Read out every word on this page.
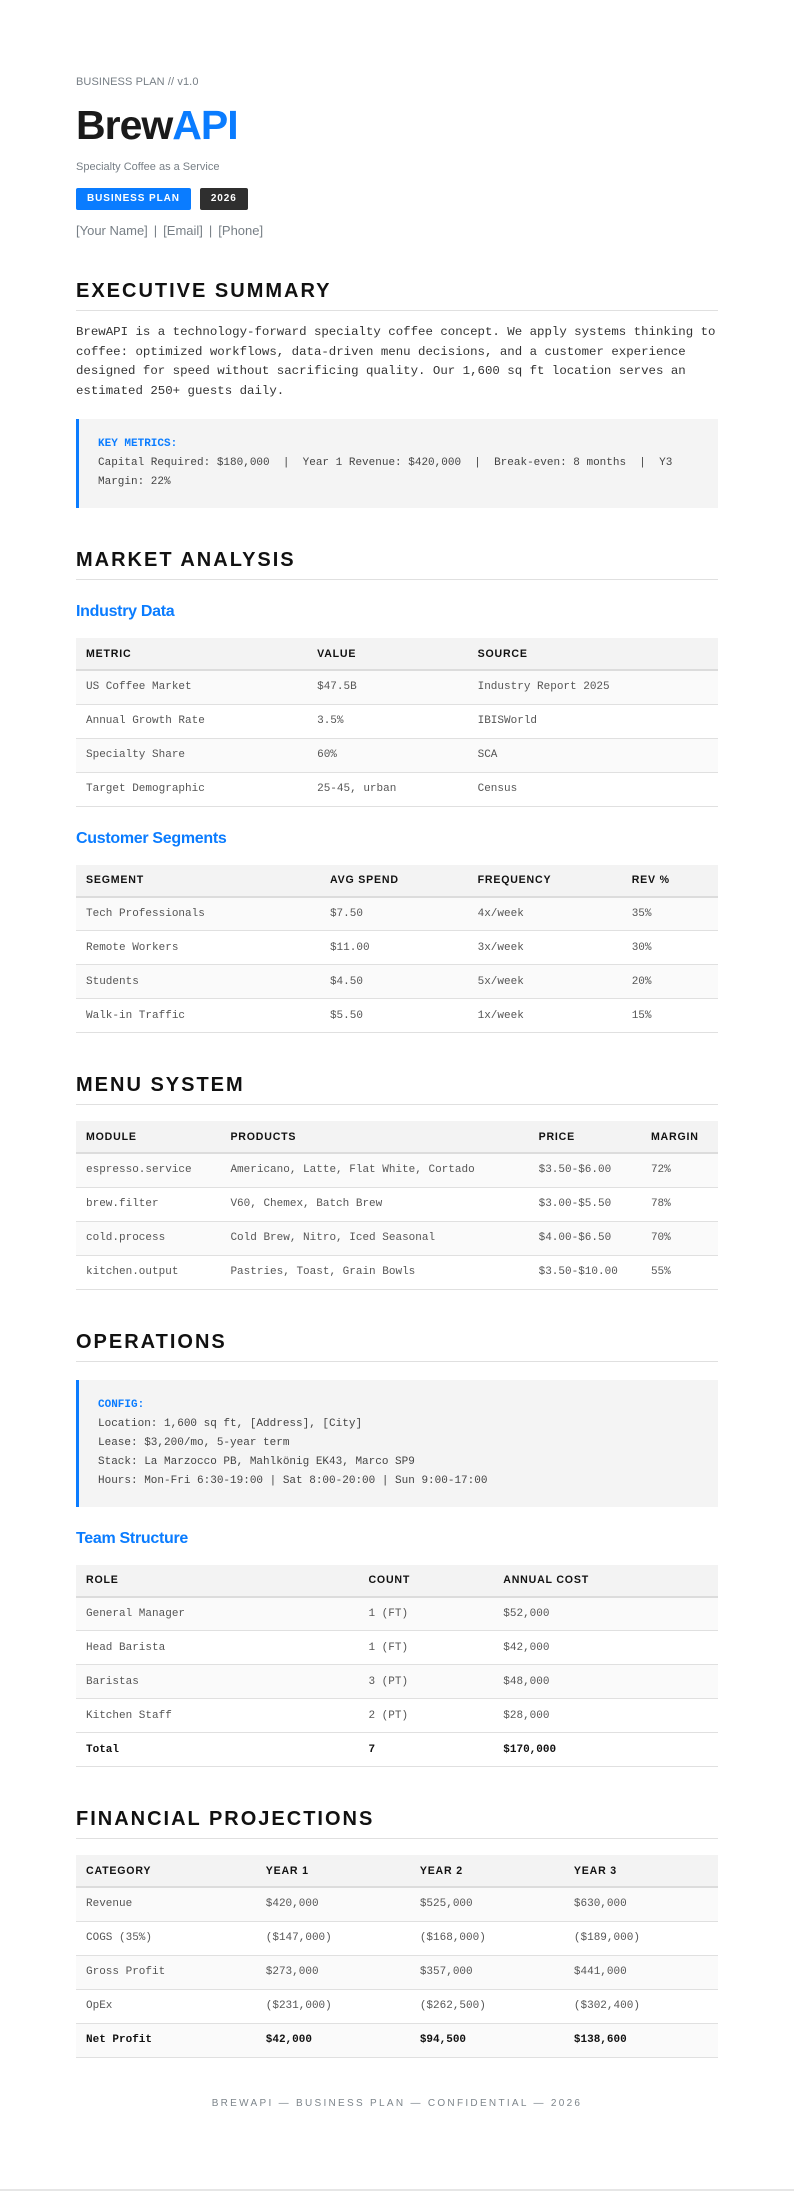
BUSINESS PLAN // v1.0
BrewAPI
Specialty Coffee as a Service
BUSINESS PLAN	2026
[Your Name] | [Email] | [Phone]
EXECUTIVE SUMMARY

BrewAPI is a technology-forward specialty coffee concept. We apply systems thinking to coffee: optimized workflows, data-driven menu decisions, and a customer experience designed for speed without sacrificing quality. Our 1,600 sq ft location serves an estimated 250+ guests daily.

KEY METRICS:
Capital Required: $180,000  |  Year 1 Revenue: $420,000  |  Break-even: 8 months  |  Y3 Margin: 22%
MARKET ANALYSIS
Industry Data
METRIC	VALUE	SOURCE
US Coffee Market	$47.5B	Industry Report 2025
Annual Growth Rate	3.5%	IBISWorld
Specialty Share	60%	SCA
Target Demographic	25-45, urban	Census
Customer Segments
SEGMENT	AVG SPEND	FREQUENCY	REV %
Tech Professionals	$7.50	4x/week	35%
Remote Workers	$11.00	3x/week	30%
Students	$4.50	5x/week	20%
Walk-in Traffic	$5.50	1x/week	15%
MENU SYSTEM
MODULE	PRODUCTS	PRICE	MARGIN
espresso.service	Americano, Latte, Flat White, Cortado	$3.50-$6.00	72%
brew.filter	V60, Chemex, Batch Brew	$3.00-$5.50	78%
cold.process	Cold Brew, Nitro, Iced Seasonal	$4.00-$6.50	70%
kitchen.output	Pastries, Toast, Grain Bowls	$3.50-$10.00	55%
OPERATIONS
CONFIG:
Location: 1,600 sq ft, [Address], [City]
Lease: $3,200/mo, 5-year term
Stack: La Marzocco PB, Mahlkönig EK43, Marco SP9
Hours: Mon-Fri 6:30-19:00 | Sat 8:00-20:00 | Sun 9:00-17:00
Team Structure
ROLE	COUNT	ANNUAL COST
General Manager	1 (FT)	$52,000
Head Barista	1 (FT)	$42,000
Baristas	3 (PT)	$48,000
Kitchen Staff	2 (PT)	$28,000
Total	7	$170,000
FINANCIAL PROJECTIONS
CATEGORY	YEAR 1	YEAR 2	YEAR 3
Revenue	$420,000	$525,000	$630,000
COGS (35%)	($147,000)	($168,000)	($189,000)
Gross Profit	$273,000	$357,000	$441,000
OpEx	($231,000)	($262,500)	($302,400)
Net Profit	$42,000	$94,500	$138,600
BREWAPI — BUSINESS PLAN — CONFIDENTIAL — 2026
